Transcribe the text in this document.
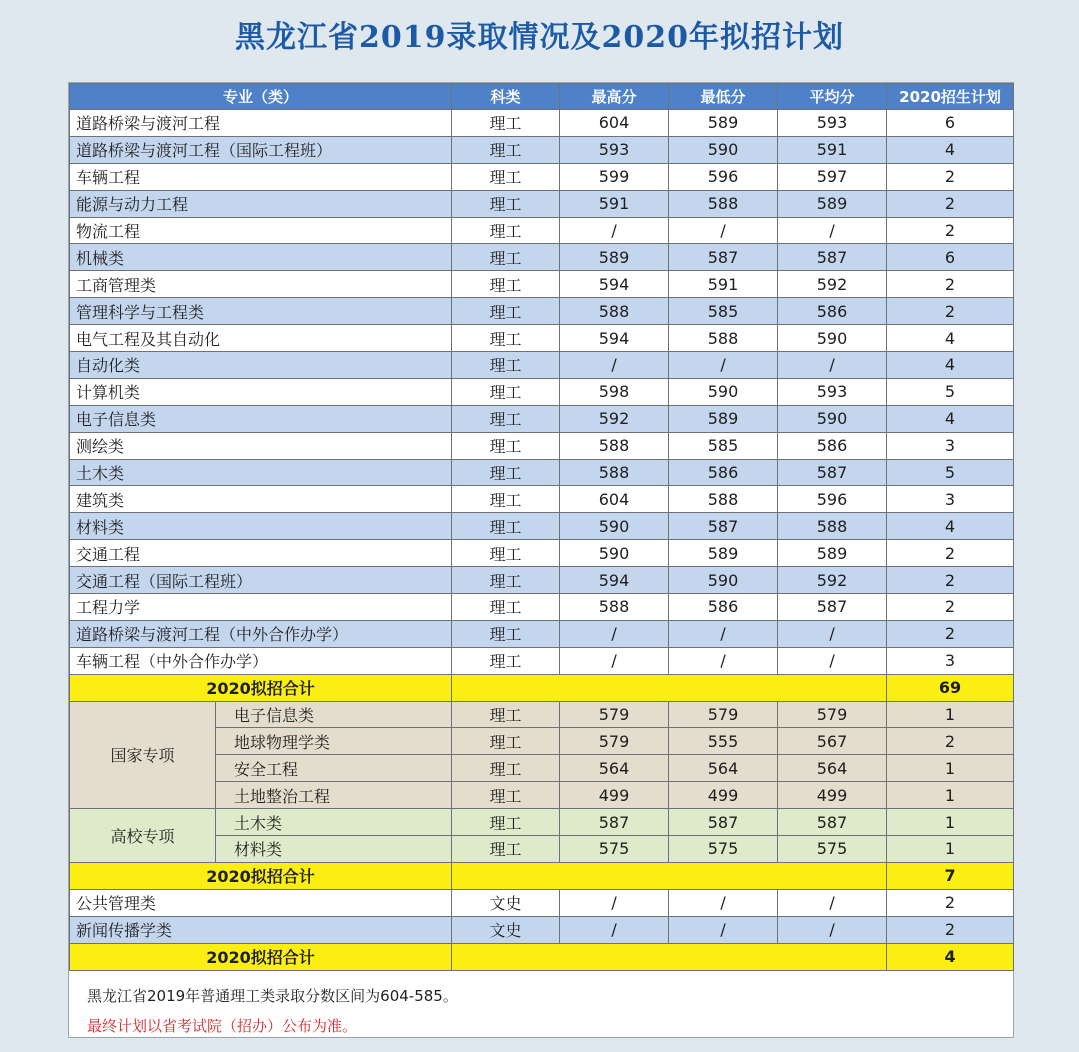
黑龙江省2019录取情况及2020年拟招计划
专业（类）		科类	最高分	最低分	平均分	2020招生计划
道路桥梁与渡河工程		理工	604	589	593	6
道路桥梁与渡河工程（国际工程班）		理工	593	590	591	4
车辆工程		理工	599	596	597	2
能源与动力工程		理工	591	588	589	2
物流工程		理工	/	/	/	2
机械类		理工	589	587	587	6
工商管理类		理工	594	591	592	2
管理科学与工程类		理工	588	585	586	2
电气工程及其自动化		理工	594	588	590	4
自动化类		理工	/	/	/	4
计算机类		理工	598	590	593	5
电子信息类		理工	592	589	590	4
测绘类		理工	588	585	586	3
土木类		理工	588	586	587	5
建筑类		理工	604	588	596	3
材料类		理工	590	587	588	4
交通工程		理工	590	589	589	2
交通工程（国际工程班）		理工	594	590	592	2
工程力学		理工	588	586	587	2
道路桥梁与渡河工程（中外合作办学）		理工	/	/	/	2
车辆工程（中外合作办学）		理工	/	/	/	3
2020拟招合计						69
国家专项	电子信息类	理工	579	579	579	1
	地球物理学类	理工	579	555	567	2
	安全工程	理工	564	564	564	1
	土地整治工程	理工	499	499	499	1
高校专项	土木类	理工	587	587	587	1
	材料类	理工	575	575	575	1
2020拟招合计						7
公共管理类		文史	/	/	/	2
新闻传播学类		文史	/	/	/	2
2020拟招合计						4
黑龙江省2019年普通理工类录取分数区间为604-585。
最终计划以省考试院（招办）公布为准。
